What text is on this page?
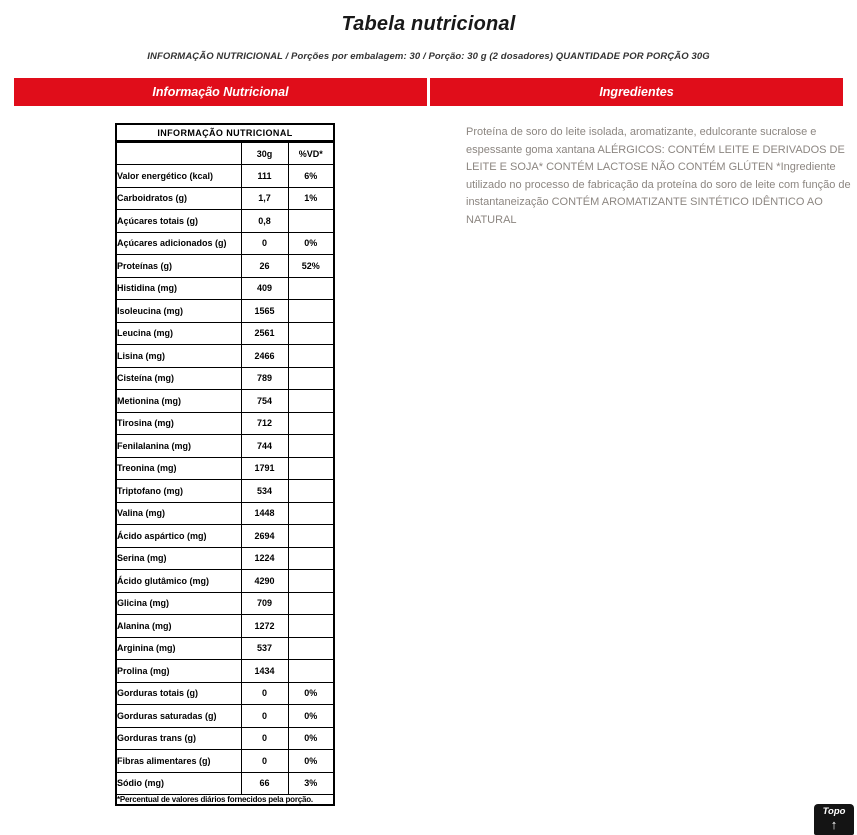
Tabela nutricional
INFORMAÇÃO NUTRICIONAL / Porções por embalagem: 30 / Porção: 30 g (2 dosadores) QUANTIDADE POR PORÇÃO 30G
Informação Nutricional	Ingredientes
INFORMAÇÃO NUTRICIONAL		
	30g	%VD*
Valor energético (kcal)	111	6%
Carboidratos (g)	1,7	1%
Açúcares totais (g)	0,8	
Açúcares adicionados (g)	0	0%
Proteínas (g)	26	52%
Histidina (mg)	409	
Isoleucina (mg)	1565	
Leucina (mg)	2561	
Lisina (mg)	2466	
Cisteína (mg)	789	
Metionina (mg)	754	
Tirosina (mg)	712	
Fenilalanina (mg)	744	
Treonina (mg)	1791	
Triptofano (mg)	534	
Valina (mg)	1448	
Ácido aspártico (mg)	2694	
Serina (mg)	1224	
Ácido glutâmico (mg)	4290	
Glicina (mg)	709	
Alanina (mg)	1272	
Arginina (mg)	537	
Prolina (mg)	1434	
Gorduras totais (g)	0	0%
Gorduras saturadas (g)	0	0%
Gorduras trans (g)	0	0%
Fibras alimentares (g)	0	0%
Sódio (mg)	66	3%
*Percentual de valores diários fornecidos pela porção.		
Proteína de soro do leite isolada, aromatizante, edulcorante sucralose e espessante goma xantana ALÉRGICOS: CONTÉM LEITE E DERIVADOS DE LEITE E SOJA* CONTÉM LACTOSE NÃO CONTÉM GLÚTEN *Ingrediente utilizado no processo de fabricação da proteína do soro de leite com função de instantaneização CONTÉM AROMATIZANTE SINTÉTICO IDÊNTICO AO NATURAL
Topo
↑
